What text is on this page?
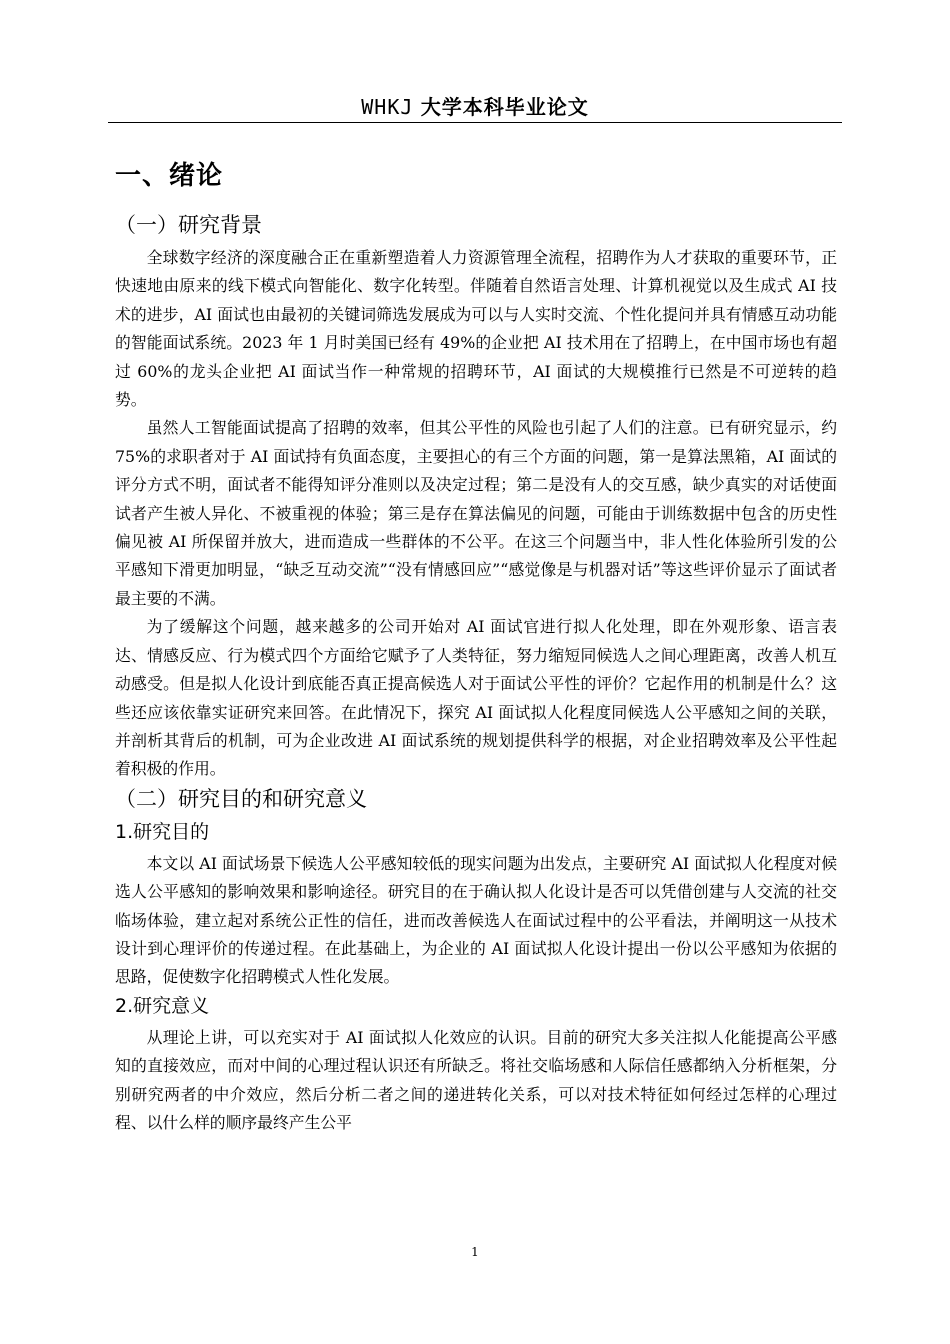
WHKJ 大学本科毕业论文
一、绪论
（一）研究背景

全球数字经济的深度融合正在重新塑造着人力资源管理全流程，招聘作为人才获取的重要环节，正快速地由原来的线下模式向智能化、数字化转型。伴随着自然语言处理、计算机视觉以及生成式 AI 技术的进步，AI 面试也由最初的关键词筛选发展成为可以与人实时交流、个性化提问并具有情感互动功能的智能面试系统。2023 年 1 月时美国已经有 49%的企业把 AI 技术用在了招聘上，在中国市场也有超过 60%的龙头企业把 AI 面试当作一种常规的招聘环节，AI 面试的大规模推行已然是不可逆转的趋势。

虽然人工智能面试提高了招聘的效率，但其公平性的风险也引起了人们的注意。已有研究显示，约 75%的求职者对于 AI 面试持有负面态度，主要担心的有三个方面的问题，第一是算法黑箱，AI 面试的评分方式不明，面试者不能得知评分准则以及决定过程；第二是没有人的交互感，缺少真实的对话使面试者产生被人异化、不被重视的体验；第三是存在算法偏见的问题，可能由于训练数据中包含的历史性偏见被 AI 所保留并放大，进而造成一些群体的不公平。在这三个问题当中，非人性化体验所引发的公平感知下滑更加明显，“缺乏互动交流”“没有情感回应”“感觉像是与机器对话”等这些评价显示了面试者最主要的不满。

为了缓解这个问题，越来越多的公司开始对 AI 面试官进行拟人化处理，即在外观形象、语言表达、情感反应、行为模式四个方面给它赋予了人类特征，努力缩短同候选人之间心理距离，改善人机互动感受。但是拟人化设计到底能否真正提高候选人对于面试公平性的评价？它起作用的机制是什么？这些还应该依靠实证研究来回答。在此情况下，探究 AI 面试拟人化程度同候选人公平感知之间的关联，并剖析其背后的机制，可为企业改进 AI 面试系统的规划提供科学的根据，对企业招聘效率及公平性起着积极的作用。

（二）研究目的和研究意义
1.研究目的

本文以 AI 面试场景下候选人公平感知较低的现实问题为出发点，主要研究 AI 面试拟人化程度对候选人公平感知的影响效果和影响途径。研究目的在于确认拟人化设计是否可以凭借创建与人交流的社交临场体验，建立起对系统公正性的信任，进而改善候选人在面试过程中的公平看法，并阐明这一从技术设计到心理评价的传递过程。在此基础上，为企业的 AI 面试拟人化设计提出一份以公平感知为依据的思路，促使数字化招聘模式人性化发展。

2.研究意义

从理论上讲，可以充实对于 AI 面试拟人化效应的认识。目前的研究大多关注拟人化能提高公平感知的直接效应，而对中间的心理过程认识还有所缺乏。将社交临场感和人际信任感都纳入分析框架，分别研究两者的中介效应，然后分析二者之间的递进转化关系，可以对技术特征如何经过怎样的心理过程、以什么样的顺序最终产生公平

1
